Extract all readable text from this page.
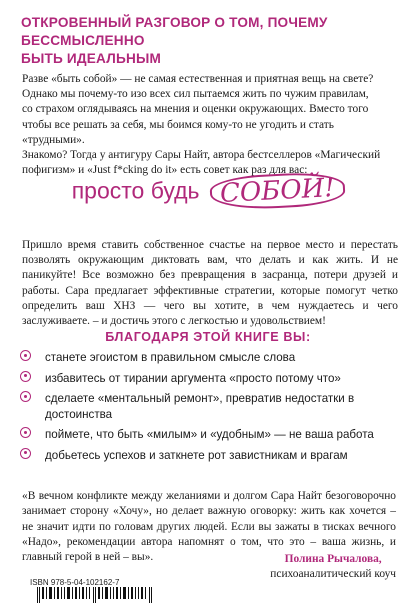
ОТКРОВЕННЫЙ РАЗГОВОР О ТОМ, ПОЧЕМУ БЕССМЫСЛЕННО
БЫТЬ ИДЕАЛЬНЫМ
Разве «быть собой» — не самая естественная и приятная вещь на свете?
Однако мы почему-то изо всех сил пытаемся жить по чужим правилам,
со страхом оглядываясь на мнения и оценки окружающих. Вместо того
чтобы все решать за себя, мы боимся кому-то не угодить и стать
«трудными».
Знакомо? Тогда у антигуру Сары Найт, автора бестселлеров «Магический
пофигизм» и «Just f*cking do it» есть совет как раз для вас:
просто будь СОБОЙ!
Пришло время ставить собственное счастье на первое место и перестать позволять окружающим диктовать вам, что делать и как жить. И не паникуйте! Все возможно без превращения в засранца, потери друзей и работы. Сара предлагает эффективные стратегии, которые помогут четко определить ваш ХНЗ — чего вы хотите, в чем нуждаетесь и чего заслуживаете. – и достичь этого с легкостью и удовольствием!
БЛАГОДАРЯ ЭТОЙ КНИГЕ ВЫ:
станете эгоистом в правильном смысле слова
избавитесь от тирании аргумента «просто потому что»
сделаете «ментальный ремонт», превратив недостатки в достоинства
поймете, что быть «милым» и «удобным» — не ваша работа
добьетесь успехов и заткнете рот завистникам и врагам
«В вечном конфликте между желаниями и долгом Сара Найт безоговорочно занимает сторону «Хочу», но делает важную оговорку: жить как хочется – не значит идти по головам других людей. Если вы зажаты в тисках вечного «Надо», рекомендации автора напомнят о том, что это – ваша жизнь, и главный герой в ней – вы».	Полина Рычалова,
психоаналитический коуч
ISBN 978-5-04-102162-7
